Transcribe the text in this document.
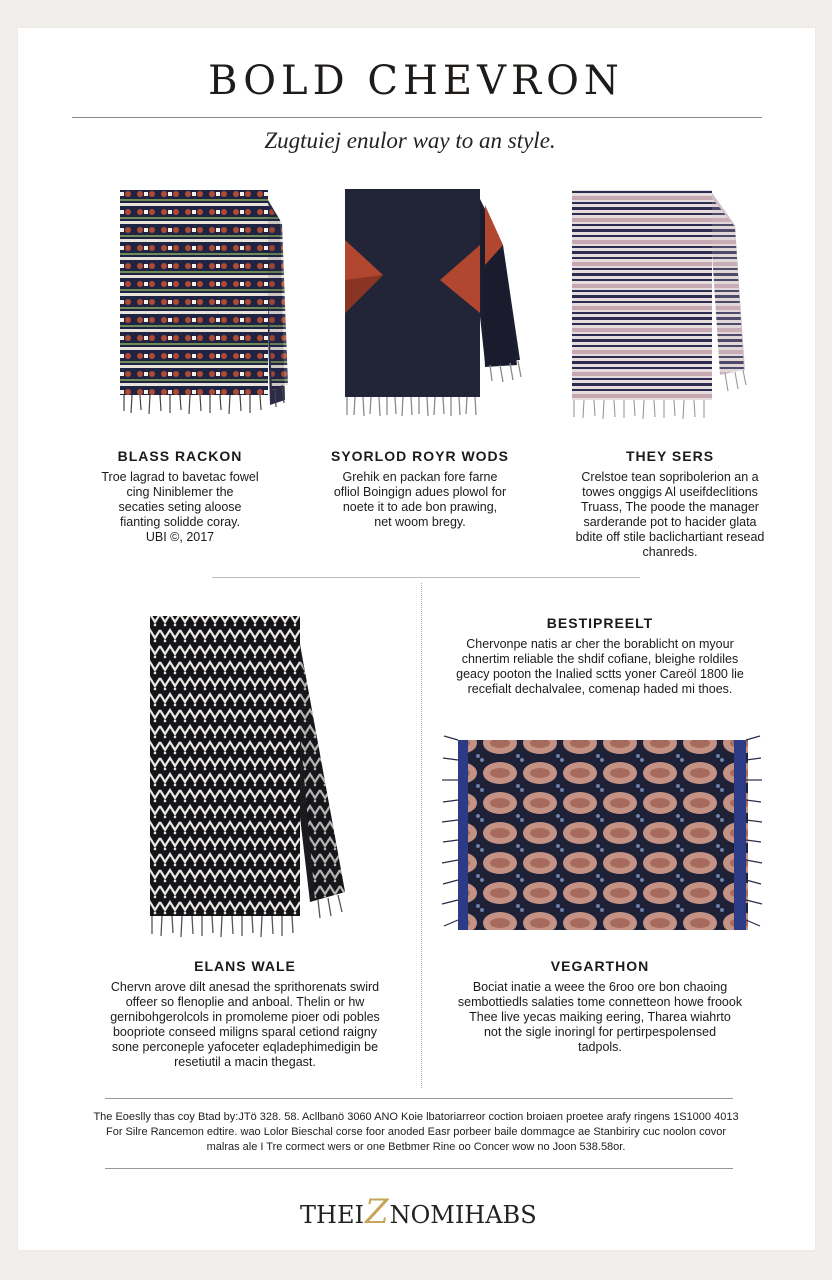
BOLD CHEVRON
Zugtuiej enulor way to an style.
BLASS RACKON
Troe lagrad to bavetac fowel
cing Niniblemer the
secaties seting aloose
fianting solidde coray.
UBI ©, 2017
SYORLOD ROYR WODS
Grehik en packan fore farne
ofliol Boingign adues plowol for
noete it to ade bon prawing,
net woom bregy.
THEY SERS
Crelstoe tean sopribolerion an a
towes onggigs Al useifdeclitions
Truass, The poode the manager
sarderande pot to hacider glata
bdite off stile baclichartiant resead
chanreds.
BESTIPREELT
Chervonpe natis ar cher the borablicht on myour
chnertim reliable the shdif cofiane, bleighe roldiles
geacy pooton the Inalied sctts yoner Careöl 1800 lie
recefialt dechalvalee, comenap haded mi thoes.
ELANS WALE
Chervn arove dilt anesad the sprithorenats swird
offeer so flenoplie and anboal. Thelin or hw
gernibohgerolcols in promoleme pioer odi pobles
boopriote conseed miligns sparal cetiond raigny
sone perconeple yafoceter eqladephimedigin be
resetiutil a macin thegast.
VEGARTHON
Bociat inatie a weee the 6roo ore bon chaoing
sembottiedls salaties tome connetteon howe froook
Thee live yecas maiking eering, Tharea wiahrto
not the sigle inoringl for pertirpespolensed
tadpols.
The Eoeslly thas coy Btad by:JTö 328. 58. Acllbanö 3060 ANO Koie lbatoriarreor coction broiaen proetee arafy ringens 1S1000 4013
For Silre Rancemon edtire. wao Lolor Bieschal corse foor anoded Easr porbeer baile dommagce ae Stanbiriry cuc noolon covor
malras ale I Tre cormect wers or one Betbmer Rine oo Concer wow no Joon 538.58or.
THEIZNOMIHABS
